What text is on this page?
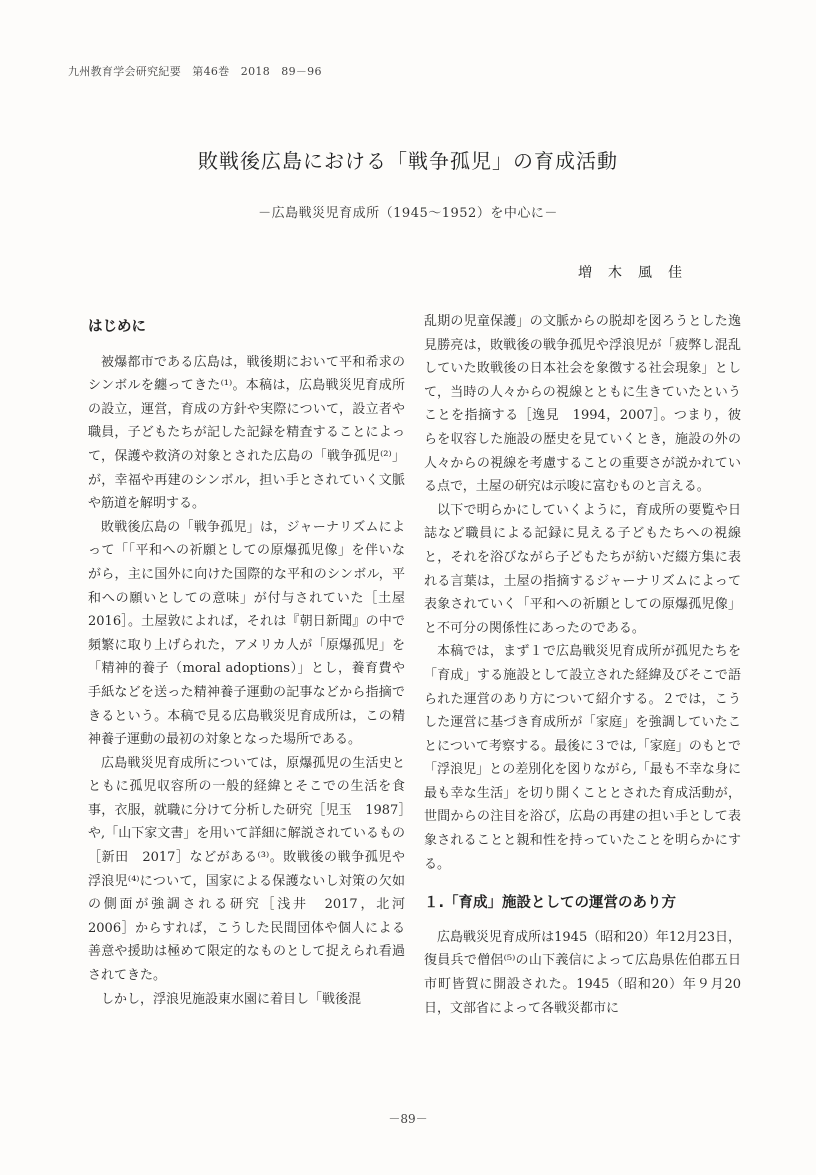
九州教育学会研究紀要　第46巻　2018　89－96
敗戦後広島における「戦争孤児」の育成活動
－広島戦災児育成所（1945～1952）を中心に－
増木風佳
はじめに

被爆都市である広島は，戦後期において平和希求のシンボルを纏ってきた⁽¹⁾。本稿は，広島戦災児育成所の設立，運営，育成の方針や実際について，設立者や職員，子どもたちが記した記録を精査することによって，保護や救済の対象とされた広島の「戦争孤児⁽²⁾」が，幸福や再建のシンボル，担い手とされていく文脈や筋道を解明する。

敗戦後広島の「戦争孤児」は，ジャーナリズムによって「「平和への祈願としての原爆孤児像」を伴いながら，主に国外に向けた国際的な平和のシンボル，平和への願いとしての意味」が付与されていた［土屋　2016］。土屋敦によれば，それは『朝日新聞』の中で頻繁に取り上げられた，アメリカ人が「原爆孤児」を「精神的養子（moral adoptions）」とし，養育費や手紙などを送った精神養子運動の記事などから指摘できるという。本稿で見る広島戦災児育成所は，この精神養子運動の最初の対象となった場所である。

広島戦災児育成所については，原爆孤児の生活史とともに孤児収容所の一般的経緯とそこでの生活を食事，衣服，就職に分けて分析した研究［児玉　1987］や,「山下家文書」を用いて詳細に解説されているもの［新田　2017］などがある⁽³⁾。敗戦後の戦争孤児や浮浪児⁽⁴⁾について，国家による保護ないし対策の欠如の側面が強調される研究［浅井　2017，北河　2006］からすれば，こうした民間団体や個人による善意や援助は極めて限定的なものとして捉えられ看過されてきた。

しかし，浮浪児施設東水園に着目し「戦後混

乱期の児童保護」の文脈からの脱却を図ろうとした逸見勝亮は，敗戦後の戦争孤児や浮浪児が「疲弊し混乱していた敗戦後の日本社会を象徴する社会現象」として，当時の人々からの視線とともに生きていたということを指摘する［逸見　1994，2007］。つまり，彼らを収容した施設の歴史を見ていくとき，施設の外の人々からの視線を考慮することの重要さが説かれている点で，土屋の研究は示唆に富むものと言える。

以下で明らかにしていくように，育成所の要覧や日誌など職員による記録に見える子どもたちへの視線と，それを浴びながら子どもたちが紡いだ綴方集に表れる言葉は，土屋の指摘するジャーナリズムによって表象されていく「平和への祈願としての原爆孤児像」と不可分の関係性にあったのである。

本稿では，まず１で広島戦災児育成所が孤児たちを「育成」する施設として設立された経緯及びそこで語られた運営のあり方について紹介する。２では，こうした運営に基づき育成所が「家庭」を強調していたことについて考察する。最後に３では,「家庭」のもとで「浮浪児」との差別化を図りながら,「最も不幸な身に最も幸な生活」を切り開くこととされた育成活動が，世間からの注目を浴び，広島の再建の担い手として表象されることと親和性を持っていたことを明らかにする。

１.「育成」施設としての運営のあり方

広島戦災児育成所は1945（昭和20）年12月23日，復員兵で僧侶⁽⁵⁾の山下義信によって広島県佐伯郡五日市町皆賀に開設された。1945（昭和20）年９月20日，文部省によって各戦災都市に

－89－
